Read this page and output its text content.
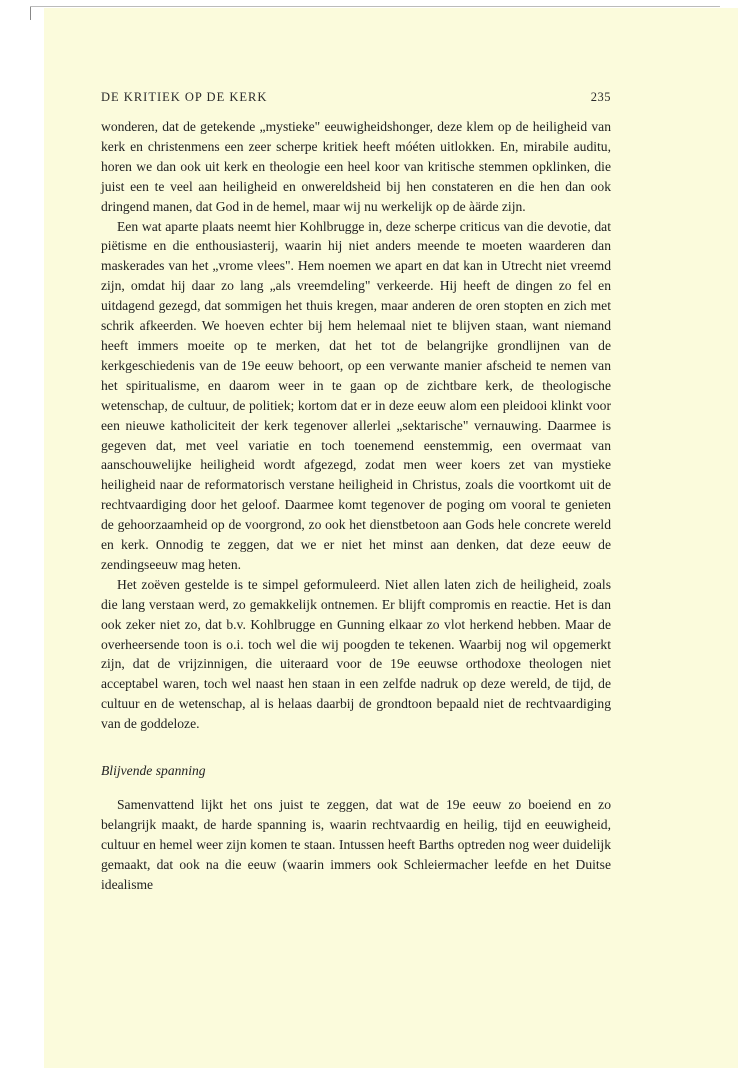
DE KRITIEK OP DE KERK	235

wonderen, dat de getekende „mystieke" eeuwigheidshonger, deze klem op de heiligheid van kerk en christenmens een zeer scherpe kritiek heeft móéten uitlokken. En, mirabile auditu, horen we dan ook uit kerk en theologie een heel koor van kritische stemmen opklinken, die juist een te veel aan heiligheid en onwereldsheid bij hen constateren en die hen dan ook dringend manen, dat God in de hemel, maar wij nu werkelijk op de àärde zijn.

Een wat aparte plaats neemt hier Kohlbrugge in, deze scherpe criticus van die devotie, dat piëtisme en die enthousiasterij, waarin hij niet anders meende te moeten waarderen dan maskerades van het „vrome vlees". Hem noemen we apart en dat kan in Utrecht niet vreemd zijn, omdat hij daar zo lang „als vreemdeling" verkeerde. Hij heeft de dingen zo fel en uitdagend gezegd, dat sommigen het thuis kregen, maar anderen de oren stopten en zich met schrik afkeerden. We hoeven echter bij hem helemaal niet te blijven staan, want niemand heeft immers moeite op te merken, dat het tot de belangrijke grondlijnen van de kerkgeschiedenis van de 19e eeuw behoort, op een verwante manier afscheid te nemen van het spiritualisme, en daarom weer in te gaan op de zichtbare kerk, de theologische wetenschap, de cultuur, de politiek; kortom dat er in deze eeuw alom een pleidooi klinkt voor een nieuwe katholiciteit der kerk tegenover allerlei „sektarische" vernauwing. Daarmee is gegeven dat, met veel variatie en toch toenemend eenstemmig, een overmaat van aanschouwelijke heiligheid wordt afgezegd, zodat men weer koers zet van mystieke heiligheid naar de reformatorisch verstane heiligheid in Christus, zoals die voortkomt uit de rechtvaardiging door het geloof. Daarmee komt tegenover de poging om vooral te genieten de gehoorzaamheid op de voorgrond, zo ook het dienstbetoon aan Gods hele concrete wereld en kerk. Onnodig te zeggen, dat we er niet het minst aan denken, dat deze eeuw de zendingseeuw mag heten.

Het zoëven gestelde is te simpel geformuleerd. Niet allen laten zich de heiligheid, zoals die lang verstaan werd, zo gemakkelijk ontnemen. Er blijft compromis en reactie. Het is dan ook zeker niet zo, dat b.v. Kohlbrugge en Gunning elkaar zo vlot herkend hebben. Maar de overheersende toon is o.i. toch wel die wij poogden te tekenen. Waarbij nog wil opgemerkt zijn, dat de vrijzinnigen, die uiteraard voor de 19e eeuwse orthodoxe theologen niet acceptabel waren, toch wel naast hen staan in een zelfde nadruk op deze wereld, de tijd, de cultuur en de wetenschap, al is helaas daarbij de grondtoon bepaald niet de rechtvaardiging van de goddeloze.

Blijvende spanning

Samenvattend lijkt het ons juist te zeggen, dat wat de 19e eeuw zo boeiend en zo belangrijk maakt, de harde spanning is, waarin rechtvaardig en heilig, tijd en eeuwigheid, cultuur en hemel weer zijn komen te staan. Intussen heeft Barths optreden nog weer duidelijk gemaakt, dat ook na die eeuw (waarin immers ook Schleiermacher leefde en het Duitse idealisme
